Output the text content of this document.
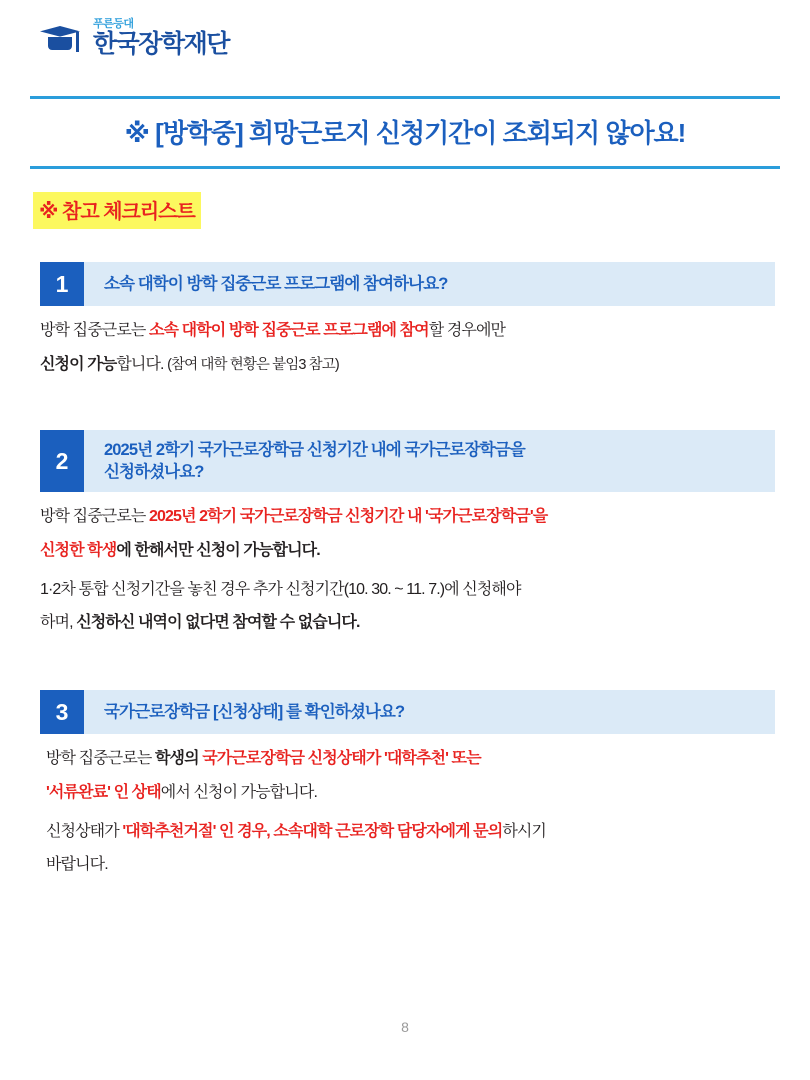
푸른등대
한국장학재단
※ [방학중] 희망근로지 신청기간이 조회되지 않아요!
※ 참고 체크리스트
1	소속 대학이 방학 집중근로 프로그램에 참여하나요?

방학 집중근로는 소속 대학이 방학 집중근로 프로그램에 참여할 경우에만

신청이 가능합니다. (참여 대학 현황은 붙임3 참고)

2	2025년 2학기 국가근로장학금 신청기간 내에 국가근로장학금을
신청하셨나요?

방학 집중근로는 2025년 2학기 국가근로장학금 신청기간 내 '국가근로장학금'을

신청한 학생에 한해서만 신청이 가능합니다.

1·2차 통합 신청기간을 놓친 경우 추가 신청기간(10. 30. ~ 11. 7.)에 신청해야

하며, 신청하신 내역이 없다면 참여할 수 없습니다.

3	국가근로장학금 [신청상태] 를 확인하셨나요?

방학 집중근로는 학생의 국가근로장학금 신청상태가 '대학추천' 또는

'서류완료' 인 상태에서 신청이 가능합니다.

신청상태가 '대학추천거절' 인 경우, 소속대학 근로장학 담당자에게 문의하시기

바랍니다.

8
